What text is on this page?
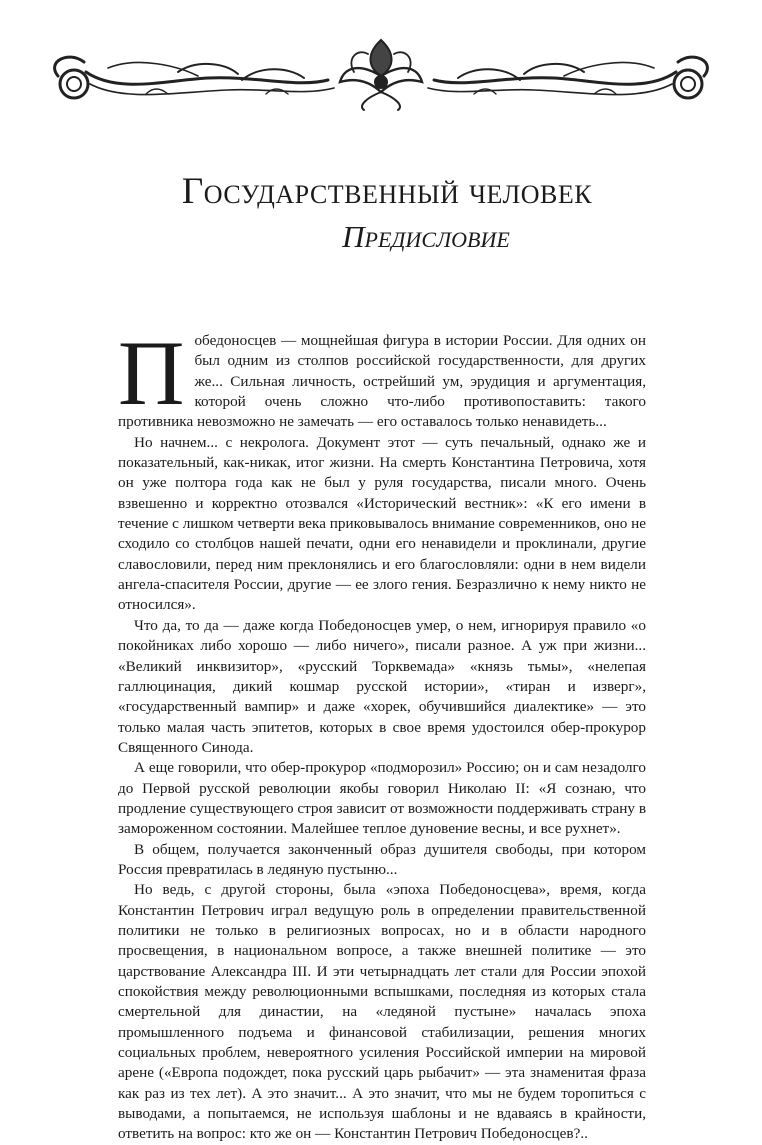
Государственный человек
Предисловие

Победоносцев — мощнейшая фигура в истории России. Для одних он был одним из столпов российской государственности, для других же... Сильная личность, острейший ум, эрудиция и аргументация, которой очень сложно что-либо противопоставить: такого противника невозможно не замечать — его оставалось только ненавидеть...

Но начнем... с некролога. Документ этот — суть печальный, однако же и показательный, как-никак, итог жизни. На смерть Константина Петровича, хотя он уже полтора года как не был у руля государства, писали много. Очень взвешенно и корректно отозвался «Исторический вестник»: «К его имени в течение с лишком четверти века приковывалось внимание современников, оно не сходило со столбцов нашей печати, одни его ненавидели и проклинали, другие славословили, перед ним преклонялись и его благословляли: одни в нем видели ангела-спасителя России, другие — ее злого гения. Безразлично к нему никто не относился».

Что да, то да — даже когда Победоносцев умер, о нем, игнорируя правило «о покойниках либо хорошо — либо ничего», писали разное. А уж при жизни... «Великий инквизитор», «русский Торквемада» «князь тьмы», «нелепая галлюцинация, дикий кошмар русской истории», «тиран и изверг», «государственный вампир» и даже «хорек, обучившийся диалектике» — это только малая часть эпитетов, которых в свое время удостоился обер-прокурор Священного Синода.

А еще говорили, что обер-прокурор «подморозил» Россию; он и сам незадолго до Первой русской революции якобы говорил Николаю II: «Я сознаю, что продление существующего строя зависит от возможности поддерживать страну в замороженном состоянии. Малейшее теплое дуновение весны, и все рухнет».

В общем, получается законченный образ душителя свободы, при котором Россия превратилась в ледяную пустыню...

Но ведь, с другой стороны, была «эпоха Победоносцева», время, когда Константин Петрович играл ведущую роль в определении правительственной политики не только в религиозных вопросах, но и в области народного просвещения, в национальном вопросе, а также внешней политике — это царствование Александра III. И эти четырнадцать лет стали для России эпохой спокойствия между революционными вспышками, последняя из которых стала смертельной для династии, на «ледяной пустыне» началась эпоха промышленного подъема и финансовой стабилизации, решения многих социальных проблем, невероятного усиления Российской империи на мировой арене («Европа подождет, пока русский царь рыбачит» — эта знаменитая фраза как раз из тех лет). А это значит... А это значит, что мы не будем торопиться с выводами, а попытаемся, не используя шаблоны и не вдаваясь в крайности, ответить на вопрос: кто же он — Константин Петрович Победоносцев?..
